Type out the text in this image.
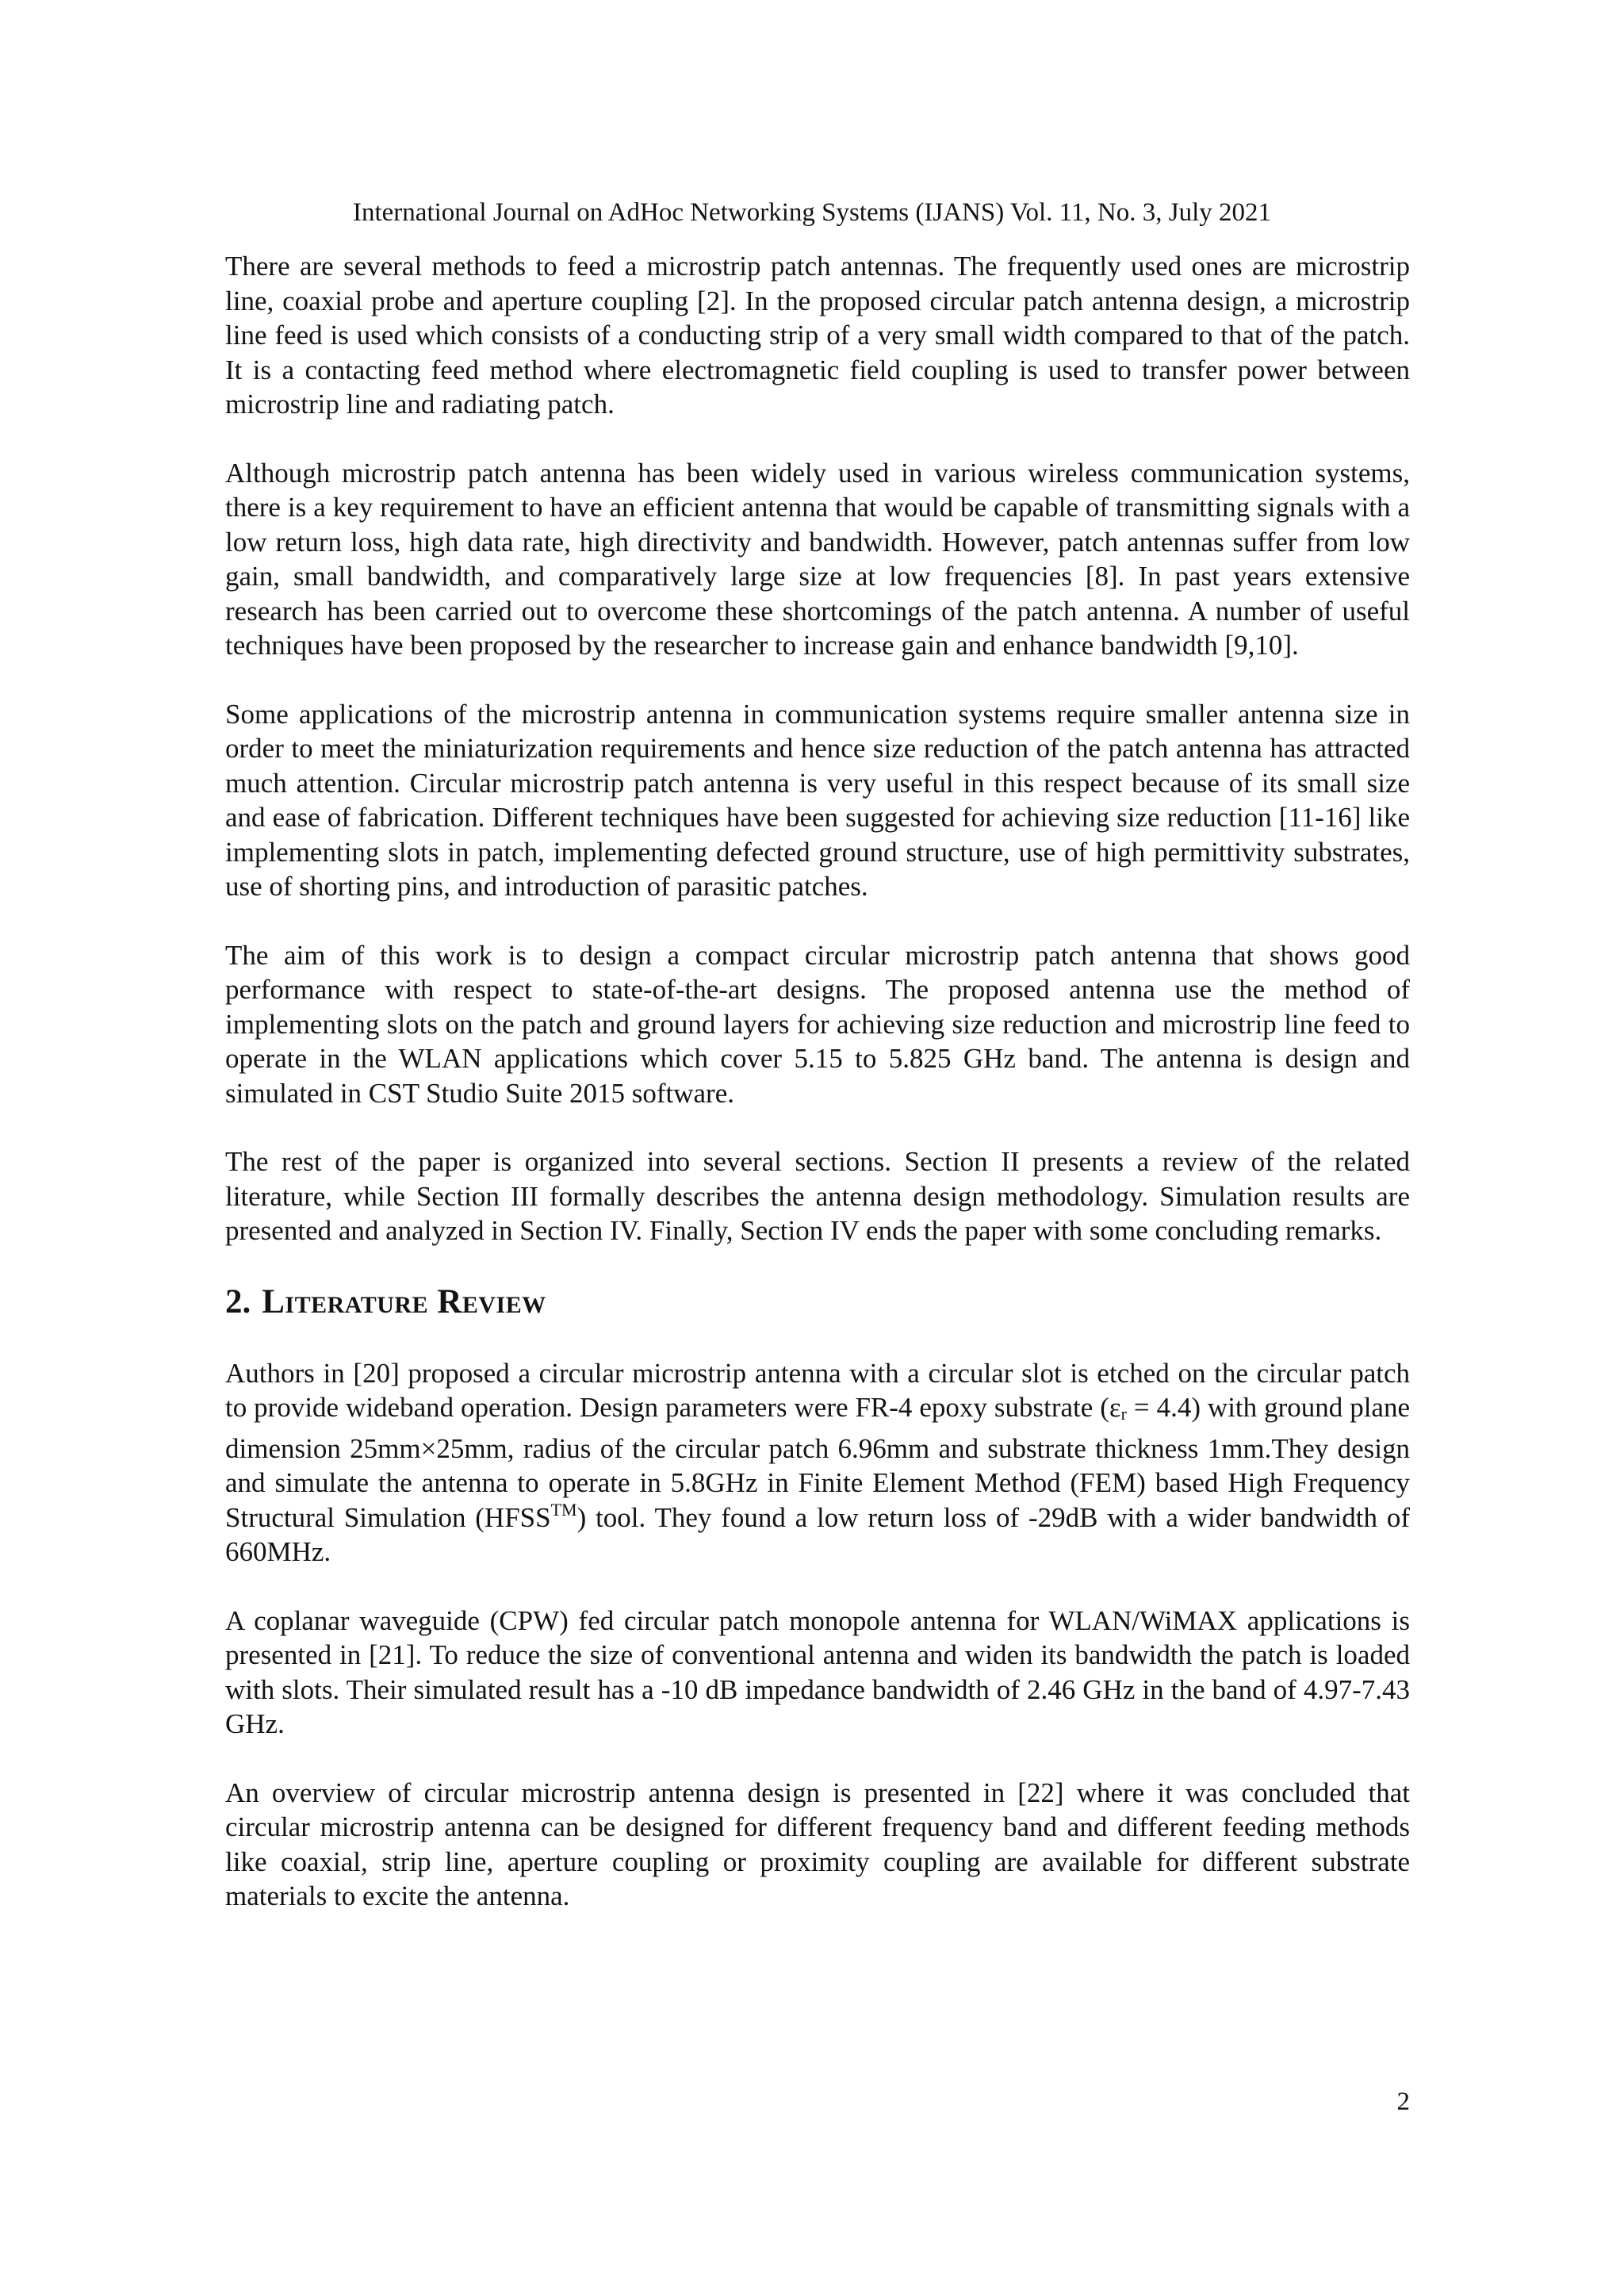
International Journal on AdHoc Networking Systems (IJANS) Vol. 11, No. 3, July 2021

There are several methods to feed a microstrip patch antennas. The frequently used ones are microstrip line, coaxial probe and aperture coupling [2]. In the proposed circular patch antenna design, a microstrip line feed is used which consists of a conducting strip of a very small width compared to that of the patch. It is a contacting feed method where electromagnetic field coupling is used to transfer power between microstrip line and radiating patch.

Although microstrip patch antenna has been widely used in various wireless communication systems, there is a key requirement to have an efficient antenna that would be capable of transmitting signals with a low return loss, high data rate, high directivity and bandwidth. However, patch antennas suffer from low gain, small bandwidth, and comparatively large size at low frequencies [8]. In past years extensive research has been carried out to overcome these shortcomings of the patch antenna. A number of useful techniques have been proposed by the researcher to increase gain and enhance bandwidth [9,10].

Some applications of the microstrip antenna in communication systems require smaller antenna size in order to meet the miniaturization requirements and hence size reduction of the patch antenna has attracted much attention. Circular microstrip patch antenna is very useful in this respect because of its small size and ease of fabrication. Different techniques have been suggested for achieving size reduction [11-16] like implementing slots in patch, implementing defected ground structure, use of high permittivity substrates, use of shorting pins, and introduction of parasitic patches.

The aim of this work is to design a compact circular microstrip patch antenna that shows good performance with respect to state-of-the-art designs. The proposed antenna use the method of implementing slots on the patch and ground layers for achieving size reduction and microstrip line feed to operate in the WLAN applications which cover 5.15 to 5.825 GHz band. The antenna is design and simulated in CST Studio Suite 2015 software.

The rest of the paper is organized into several sections. Section II presents a review of the related literature, while Section III formally describes the antenna design methodology. Simulation results are presented and analyzed in Section IV. Finally, Section IV ends the paper with some concluding remarks.

2. Literature Review

Authors in [20] proposed a circular microstrip antenna with a circular slot is etched on the circular patch to provide wideband operation. Design parameters were FR-4 epoxy substrate $(\varepsilon_r = 4.4)$ with ground plane dimension 25mm×25mm, radius of the circular patch 6.96mm and substrate thickness 1mm.They design and simulate the antenna to operate in 5.8GHz in Finite Element Method (FEM) based High Frequency Structural Simulation (HFSS™) tool. They found a low return loss of -29dB with a wider bandwidth of 660MHz.

A coplanar waveguide (CPW) fed circular patch monopole antenna for WLAN/WiMAX applications is presented in [21]. To reduce the size of conventional antenna and widen its bandwidth the patch is loaded with slots. Their simulated result has a -10 dB impedance bandwidth of 2.46 GHz in the band of 4.97-7.43 GHz.

An overview of circular microstrip antenna design is presented in [22] where it was concluded that circular microstrip antenna can be designed for different frequency band and different feeding methods like coaxial, strip line, aperture coupling or proximity coupling are available for different substrate materials to excite the antenna.

2
